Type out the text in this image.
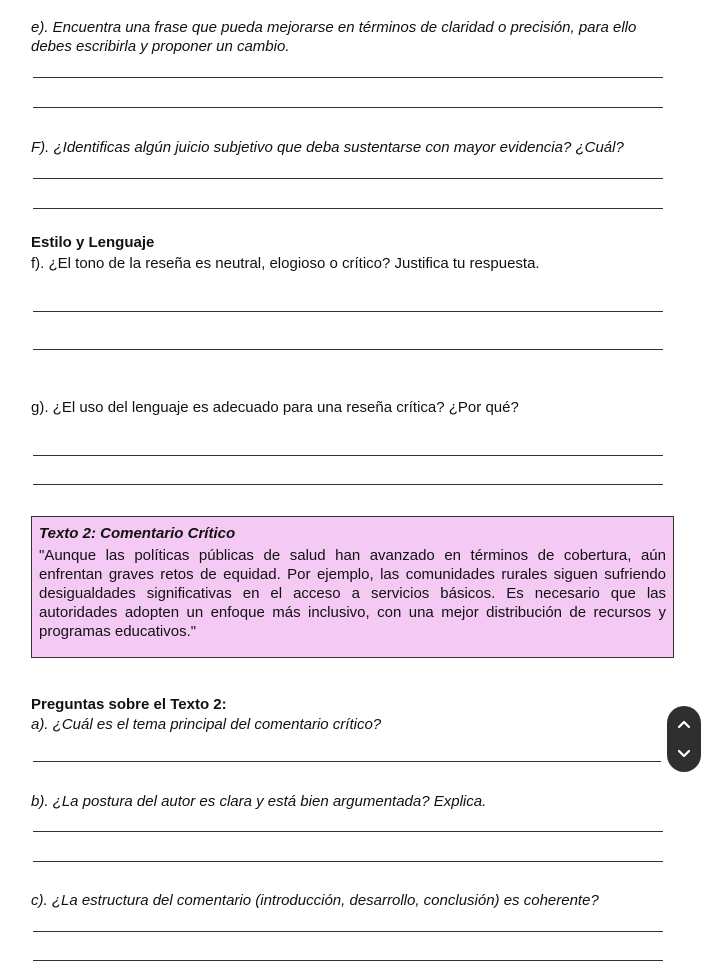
e). Encuentra una frase que pueda mejorarse en términos de claridad o precisión, para ello
debes escribirla y proponer un cambio.
F). ¿Identificas algún juicio subjetivo que deba sustentarse con mayor evidencia? ¿Cuál?
Estilo y Lenguaje
f). ¿El tono de la reseña es neutral, elogioso o crítico? Justifica tu respuesta.
g). ¿El uso del lenguaje es adecuado para una reseña crítica? ¿Por qué?
Texto 2: Comentario Crítico
"Aunque las políticas públicas de salud han avanzado en términos de cobertura, aún enfrentan graves retos de equidad. Por ejemplo, las comunidades rurales siguen sufriendo desigualdades significativas en el acceso a servicios básicos. Es necesario que las autoridades adopten un enfoque más inclusivo, con una mejor distribución de recursos y programas educativos."
Preguntas sobre el Texto 2:
a). ¿Cuál es el tema principal del comentario crítico?
b). ¿La postura del autor es clara y está bien argumentada? Explica.
c). ¿La estructura del comentario (introducción, desarrollo, conclusión) es coherente?
